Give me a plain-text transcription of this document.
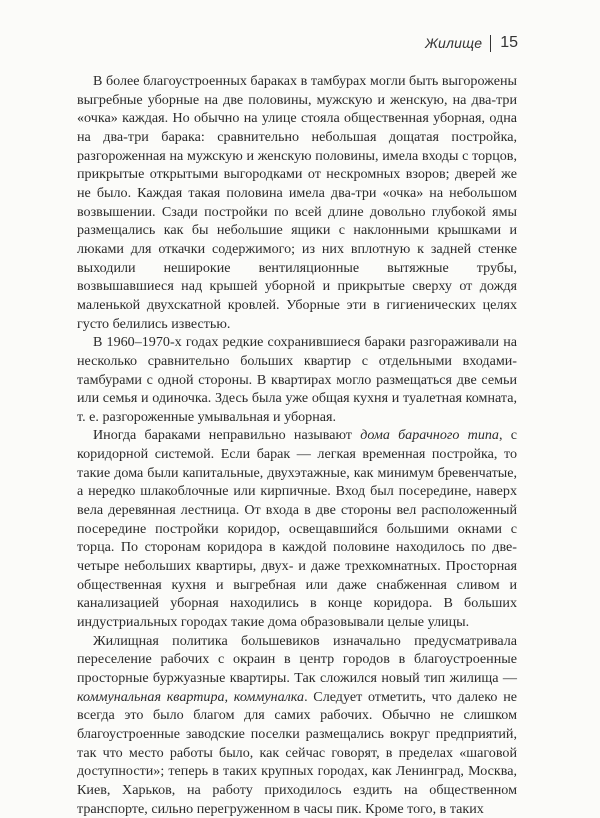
Жилище 15

В более благоустроенных бараках в тамбурах могли быть выгорожены выгребные уборные на две половины, мужскую и женскую, на два-три «очка» каждая. Но обычно на улице стояла общественная уборная, одна на два-три барака: сравнительно небольшая дощатая постройка, разгороженная на мужскую и женскую половины, имела входы с торцов, прикрытые открытыми выгородками от нескромных взоров; дверей же не было. Каждая такая половина имела два-три «очка» на небольшом возвышении. Сзади постройки по всей длине довольно глубокой ямы размещались как бы небольшие ящики с наклонными крышками и люками для откачки содержимого; из них вплотную к задней стенке выходили неширокие вентиляционные вытяжные трубы, возвышавшиеся над крышей уборной и прикрытые сверху от дождя маленькой двухскатной кровлей. Уборные эти в гигиенических целях густо белились известью.

В 1960–1970-х годах редкие сохранившиеся бараки разгораживали на несколько сравнительно больших квартир с отдельными входами-тамбурами с одной стороны. В квартирах могло размещаться две семьи или семья и одиночка. Здесь была уже общая кухня и туалетная комната, т. е. разгороженные умывальная и уборная.

Иногда бараками неправильно называют дома барачного типа, с коридорной системой. Если барак — легкая временная постройка, то такие дома были капитальные, двухэтажные, как минимум бревенчатые, а нередко шлакоблочные или кирпичные. Вход был посередине, наверх вела деревянная лестница. От входа в две стороны вел расположенный посередине постройки коридор, освещавшийся большими окнами с торца. По сторонам коридора в каждой половине находилось по две-четыре небольших квартиры, двух- и даже трехкомнатных. Просторная общественная кухня и выгребная или даже снабженная сливом и канализацией уборная находились в конце коридора. В больших индустриальных городах такие дома образовывали целые улицы.

Жилищная политика большевиков изначально предусматривала переселение рабочих с окраин в центр городов в благоустроенные просторные буржуазные квартиры. Так сложился новый тип жилища — коммунальная квартира, коммуналка. Следует отметить, что далеко не всегда это было благом для самих рабочих. Обычно не слишком благоустроенные заводские поселки размещались вокруг предприятий, так что место работы было, как сейчас говорят, в пределах «шаговой доступности»; теперь в таких крупных городах, как Ленинград, Москва, Киев, Харьков, на работу приходилось ездить на общественном транспорте, сильно перегруженном в часы пик. Кроме того, в таких
